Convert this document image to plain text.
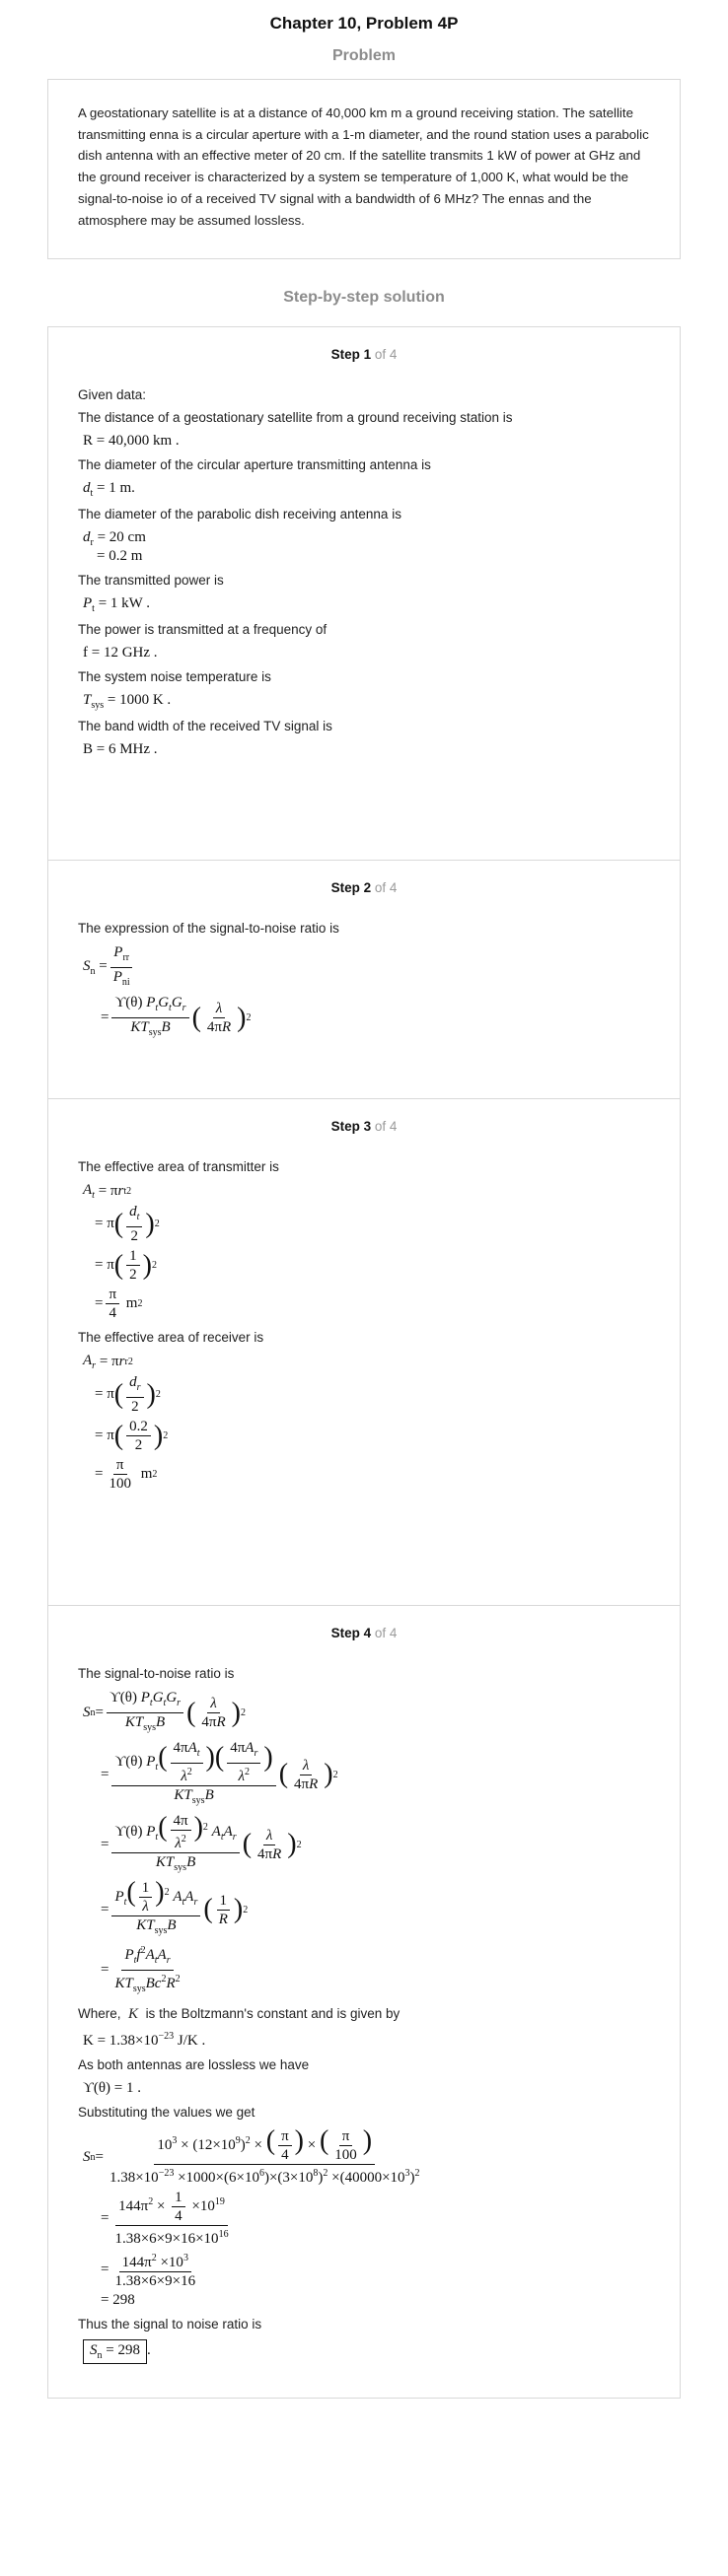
Chapter 10, Problem 4P
Problem
A geostationary satellite is at a distance of 40,000 km m a ground receiving station. The satellite transmitting enna is a circular aperture with a 1-m diameter, and the round station uses a parabolic dish antenna with an effective meter of 20 cm. If the satellite transmits 1 kW of power at GHz and the ground receiver is characterized by a system se temperature of 1,000 K, what would be the signal-to-noise io of a received TV signal with a bandwidth of 6 MHz? The ennas and the atmosphere may be assumed lossless.
Step-by-step solution
Step 1 of 4
Given data:
The distance of a geostationary satellite from a ground receiving station is
R = 40,000 km .
The diameter of the circular aperture transmitting antenna is
$d_t = 1$ m.
The diameter of the parabolic dish receiving antenna is
$d_r = 20$ cm
= 0.2 m
The transmitted power is
$P_t = 1$ kW .
The power is transmitted at a frequency of
f = 12 GHz .
The system noise temperature is
$T_{sys} = 1000$ K .
The band width of the received TV signal is
B = 6 MHz .
Step 2 of 4
The expression of the signal-to-noise ratio is
$S_n = \frac{P_{rr}}{P_{ni}}$
= $\frac{ϒ(\theta) P_tG_tG_r}{KT_{sys}B}$ ( $\frac{\lambda}{4\pi R}$ ) 2
Step 3 of 4
The effective area of transmitter is
$A_t = \pi$ r t 2
= π ( $\frac{d_t}{2}$ ) 2
= π ( $\frac{1}{2}$ ) 2
= $\frac{\pi}{4}$ m 2
The effective area of receiver is
$A_r = \pi$ r r 2
= π ( $\frac{d_r}{2}$ ) 2
= π ( $\frac{0.2}{2}$ ) 2
= $\frac{\pi}{100}$ m 2
Step 4 of 4
The signal-to-noise ratio is
S $n = \frac{ϒ(\theta) P_tG_tG_r}{KT_{sys}B}$ ( $\frac{\lambda}{4\pi R}$ ) 2
= $\frac{ϒ(\theta) P_t( \frac{4\pi A_t}{\lambda^2} )( \frac{4\pi A_r}{\lambda^2} )}{KT_{sys}B}$ ( $\frac{\lambda}{4\pi R}$ ) 2
= $\frac{ϒ(\theta) P_t( \frac{4\pi}{\lambda^2} )^2 A_tA_r}{KT_{sys}B}$ ( $\frac{\lambda}{4\pi R}$ ) 2
= $\frac{P_t( \frac{1}{\lambda} )^2 A_tA_r}{KT_{sys}B}$ ( $\frac{1}{R}$ ) 2
= $\frac{P_tf^2A_tA_r}{KT_{sys}Bc^2R^2}$
Where,  K  is the Boltzmann's constant and is given by
$K = 1.38\times 10^{-23}$ J/K .
As both antennas are lossless we have
ϒ(θ) = 1 .
Substituting the values we get
S $n = \frac{10^3 \times (12\times 10^9)^2 \times ( \frac{\pi}{4} ) \times ( \frac{\pi}{100} )}{1.38\times 10^{-23} \times 1000\times(6\times 10^6)\times(3\times 10^8)^2 \times(40000\times 10^3)^2}$
= $\frac{144\pi^2 \times \frac{1}{4} \times 10^{19}}{1.38\times 6\times 9\times 16\times 10^{16}}$
= $\frac{144\pi^2 \times 10^3}{1.38\times 6\times 9\times 16}$
= 298
Thus the signal to noise ratio is
$S_n = 298$ .
